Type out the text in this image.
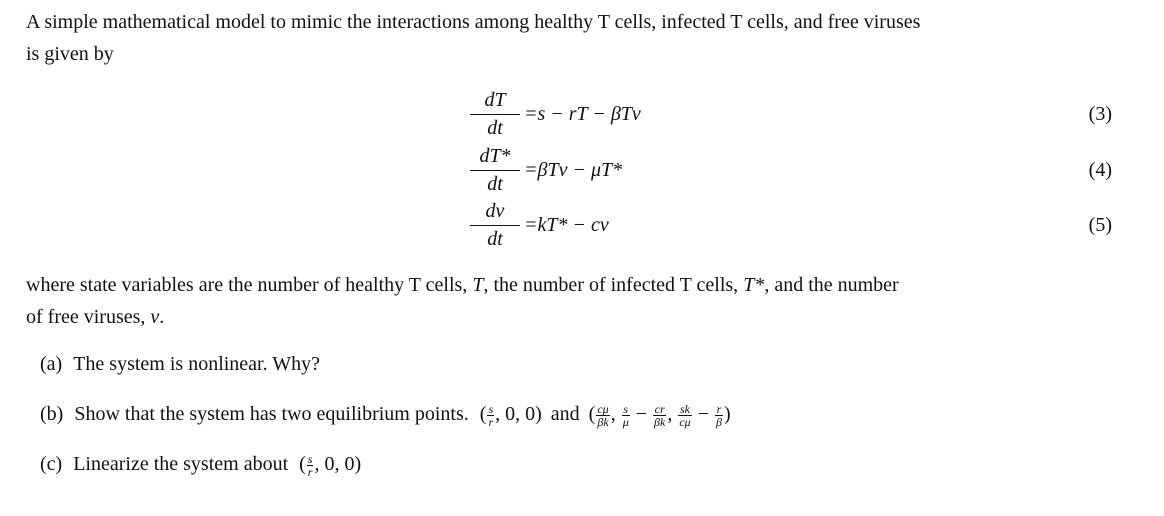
A simple mathematical model to mimic the interactions among healthy T cells, infected T cells, and free viruses
is given by
dT
dt
=s − rT − βTv	(3)
dT*
dt
=βTv − μT*	(4)
dv
dt
=kT* − cv	(5)
where state variables are the number of healthy T cells, T, the number of infected T cells, T*, and the number
of free viruses, v.
(a) The system is nonlinear. Why?
(b) Show that the system has two equilibrium points. ( $\frac{s}{r}$ , 0, 0) and ( $\frac{c\mu}{\beta k}$ , $\frac{s}{\mu} - \frac{cr}{\beta k}$ , $\frac{sk}{c\mu} - \frac{r}{\beta}$ )
(c) Linearize the system about ( $\frac{s}{r}$ , 0, 0)
